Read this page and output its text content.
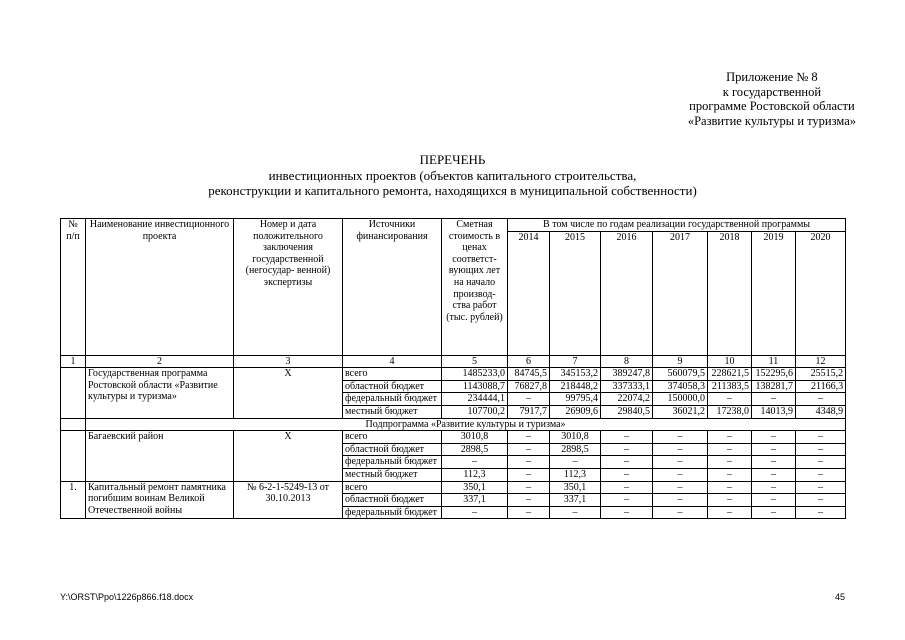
Приложение № 8
к государственной
программе Ростовской области
«Развитие культуры и туризма»
ПЕРЕЧЕНЬ
инвестиционных проектов (объектов капитального строительства,
реконструкции и капитального ремонта, находящихся в муниципальной собственности)
№ п/п	Наименование инвестиционного проекта	Номер и дата положительного заключения государственной (негосудар- венной) экспертизы	Источники финансирования	Сметная стоимость в ценах соответст- вующих лет на начало производ- ства работ (тыс. рублей)	В том числе по годам реализации государственной программы						
					2014	2015	2016	2017	2018	2019	2020
1	2	3	4	5	6	7	8	9	10	11	12
	Государственная программа Ростовской области «Развитие культуры и туризма»	Х	всего	1485233,0	84745,5	345153,2	389247,8	560079,5	228621,5	152295,6	25515,2
			областной бюджет	1143088,7	76827,8	218448,2	337333,1	374058,3	211383,5	138281,7	21166,3
			федеральный бюджет	234444,1	–	99795,4	22074,2	150000,0	–	–	–
			местный бюджет	107700,2	7917,7	26909,6	29840,5	36021,2	17238,0	14013,9	4348,9
	Подпрограмма «Развитие культуры и туризма»										
	Багаевский район	Х	всего	3010,8	–	3010,8	–	–	–	–	–
			областной бюджет	2898,5	–	2898,5	–	–	–	–	–
			федеральный бюджет	–	–	–	–	–	–	–	–
			местный бюджет	112,3	–	112,3	–	–	–	–	–
1.	Капитальный ремонт памятника погибшим воинам Великой Отечественной войны	№ 6-2-1-5249-13 от 30.10.2013	всего	350,1	–	350,1	–	–	–	–	–
			областной бюджет	337,1	–	337,1	–	–	–	–	–
			федеральный бюджет	–	–	–	–	–	–	–	–
Y:\ORST\Ppo\1226p866.f18.docx	45
